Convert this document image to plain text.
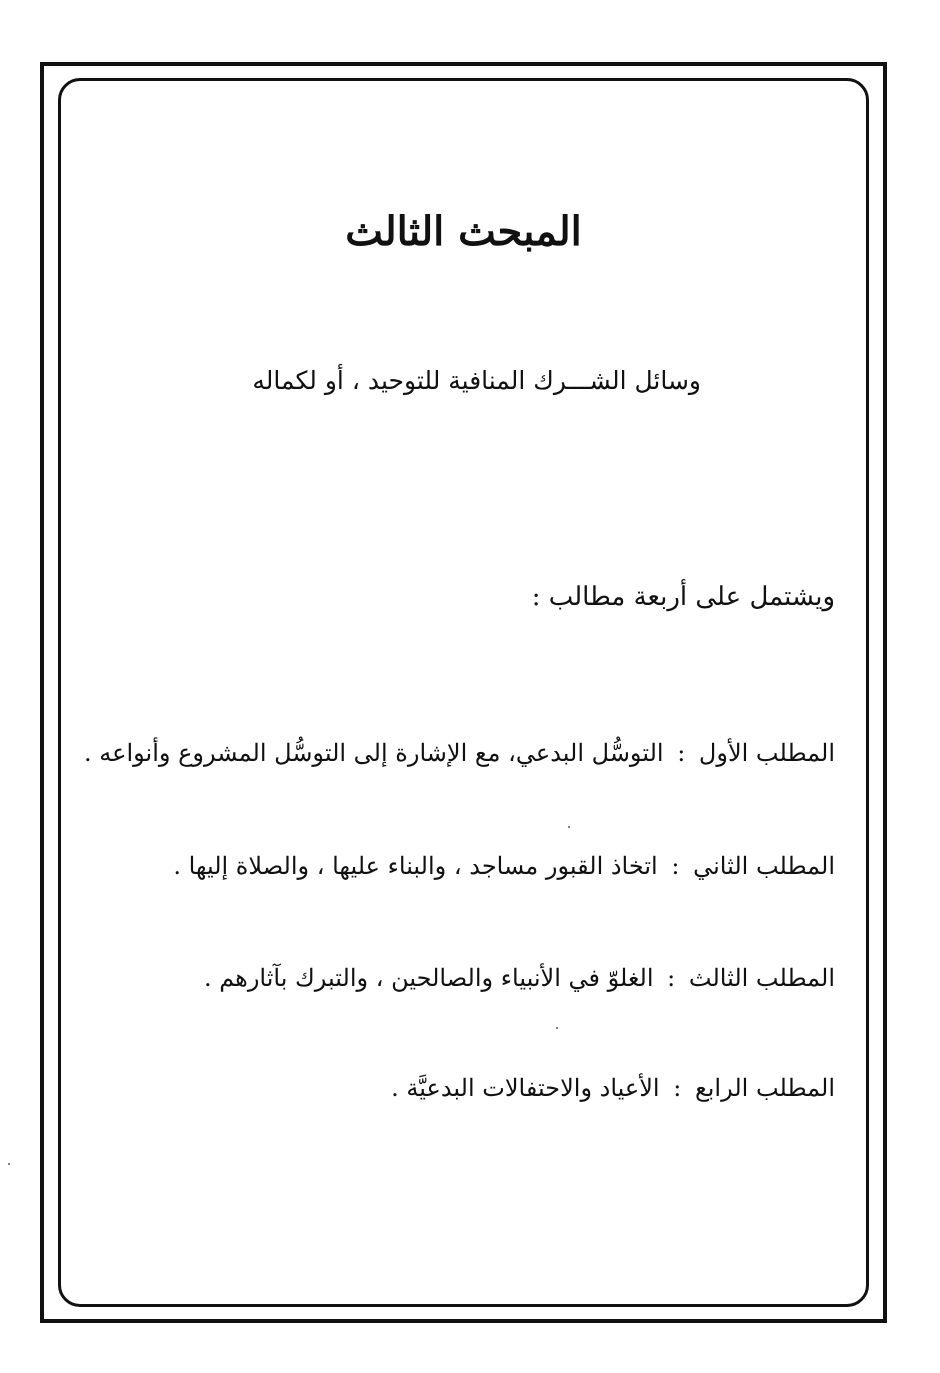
المبحث الثالث
وسائل الشـــرك المنافية للتوحيد ، أو لكماله
ويشتمل على أربعة مطالب :
المطلب الأول : التوسُّل البدعي، مع الإشارة إلى التوسُّل المشروع وأنواعه .
المطلب الثاني : اتخاذ القبور مساجد ، والبناء عليها ، والصلاة إليها .
المطلب الثالث : الغلوّ في الأنبياء والصالحين ، والتبرك بآثارهم .
المطلب الرابع : الأعياد والاحتفالات البدعيَّة .
